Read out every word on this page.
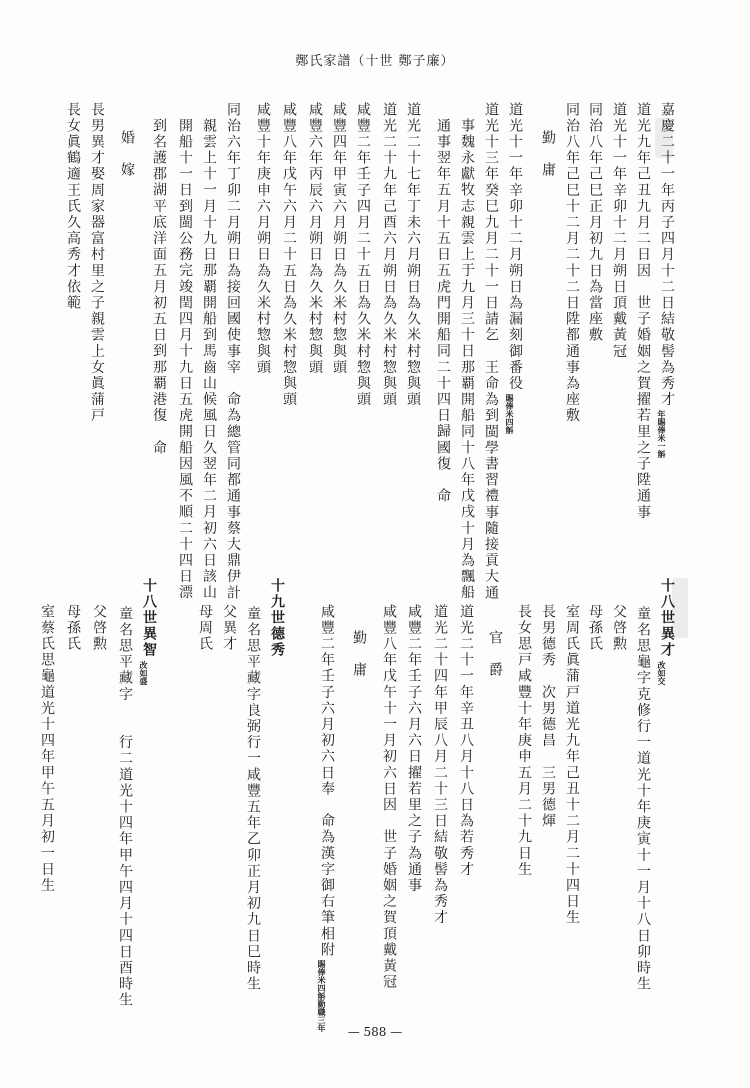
鄭氏家譜（十世 鄭子廉）
— 588 —
嘉慶二十一年丙子四月十二日結敬髻為秀才
年賜俸米一斛
道光九年己丑九月二日因　世子婚姻之賀擢若里之子陞通事
道光十一年辛卯十二月朔日頂戴黃冠
同治八年己巳正月初九日為當座敷
同治八年己巳十二月二十二日陞都通事為座敷
勤　庸
道光十一年辛卯十二月朔日為漏刻御番役
賜俸米四斛
道光十三年癸巳九月二十一日請乞　王命為到閩學書習禮事隨接貢大通
事魏永獻牧志親雲上于九月三十日那覇開船同十八年戊戌十月為飄船
通事翌年五月十五日五虎門開船同二十四日歸國復　命
道光二十七年丁未六月朔日為久米村惣與頭
道光二十九年己酉六月朔日為久米村惣與頭
咸豐二年壬子四月二十五日為久米村惣與頭
咸豐四年甲寅六月朔日為久米村惣與頭
咸豐六年丙辰六月朔日為久米村惣與頭
咸豐八年戊午六月二十五日為久米村惣與頭
咸豐十年庚申六月朔日為久米村惣與頭
同治六年丁卯二月朔日為接回國使事宰　命為總管同都通事蔡大鼎伊計
親雲上十一月十九日那覇開船到馬齒山候風日久翌年二月初六日該山
開船十一日到閩公務完竣閏四月十九日五虎開船因風不順二十四日漂
到名護郡湖平底洋面五月初五日到那覇港復　命
婚　嫁
長男異才娶周家器富村里之子親雲上女眞蒲戸
長女眞鶴適王氏久高秀才依範
十八世異才
改如交
童名思龜字克修行一道光十年庚寅十一月十八日卯時生
父啓勲
母孫氏
室周氏眞蒲戸道光九年己丑十二月二十四日生
長男德秀　次男德昌　三男德煇
長女思戸咸豐十年庚申五月二十九日生
官　爵
道光二十一年辛丑八月十八日為若秀才
道光二十四年甲辰八月二十三日結敬髻為秀才
咸豐二年壬子六月六日擢若里之子為通事
咸豐八年戊午十一月初六日因　世子婚姻之賀頂戴黃冠
勤　庸
咸豐二年壬子六月初六日奉　命為漢字御右筆相附
賜俸米四斛勤職三年
十九世德秀
童名思平藏字良弼行一咸豐五年乙卯正月初九日巳時生
父異才
母周氏
十八世異智
改如盛
童名思平藏字　　行二道光十四年甲午四月十四日酉時生
父啓勲
母孫氏
室蔡氏思龜道光十四年甲午五月初一日生
